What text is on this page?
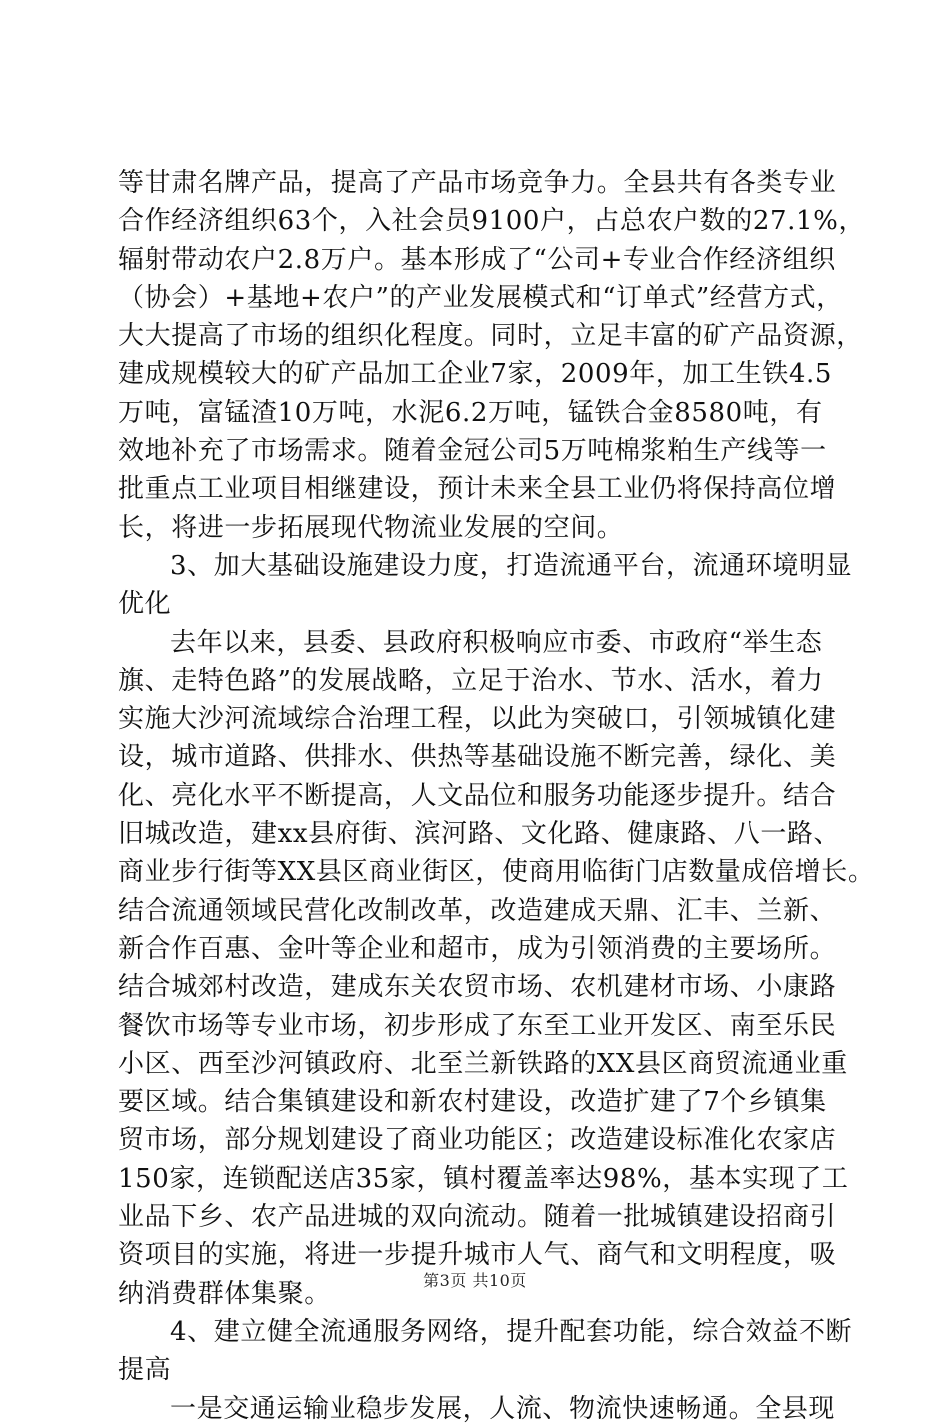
等甘肃名牌产品，提高了产品市场竞争力。全县共有各类专业
合作经济组织63个，入社会员9100户，占总农户数的27.1%，
辐射带动农户2.8万户。基本形成了“公司+专业合作经济组织
（协会）+基地+农户”的产业发展模式和“订单式”经营方式，
大大提高了市场的组织化程度。同时，立足丰富的矿产品资源，
建成规模较大的矿产品加工企业7家，2009年，加工生铁4.5
万吨，富锰渣10万吨，水泥6.2万吨，锰铁合金8580吨，有
效地补充了市场需求。随着金冠公司5万吨棉浆粕生产线等一
批重点工业项目相继建设，预计未来全县工业仍将保持高位增
长，将进一步拓展现代物流业发展的空间。
3、加大基础设施建设力度，打造流通平台，流通环境明显
优化
去年以来，县委、县政府积极响应市委、市政府“举生态
旗、走特色路”的发展战略，立足于治水、节水、活水，着力
实施大沙河流域综合治理工程，以此为突破口，引领城镇化建
设，城市道路、供排水、供热等基础设施不断完善，绿化、美
化、亮化水平不断提高，人文品位和服务功能逐步提升。结合
旧城改造，建xx县府街、滨河路、文化路、健康路、八一路、
商业步行街等XX县区商业街区，使商用临街门店数量成倍增长。
结合流通领域民营化改制改革，改造建成天鼎、汇丰、兰新、
新合作百惠、金叶等企业和超市，成为引领消费的主要场所。
结合城郊村改造，建成东关农贸市场、农机建材市场、小康路
餐饮市场等专业市场，初步形成了东至工业开发区、南至乐民
小区、西至沙河镇政府、北至兰新铁路的XX县区商贸流通业重
要区域。结合集镇建设和新农村建设，改造扩建了7个乡镇集
贸市场，部分规划建设了商业功能区；改造建设标准化农家店
150家，连锁配送店35家，镇村覆盖率达98%，基本实现了工
业品下乡、农产品进城的双向流动。随着一批城镇建设招商引
资项目的实施，将进一步提升城市人气、商气和文明程度，吸
纳消费群体集聚。
4、建立健全流通服务网络，提升配套功能，综合效益不断
提高
一是交通运输业稳步发展，人流、物流快速畅通。全县现
第3页 共10页
